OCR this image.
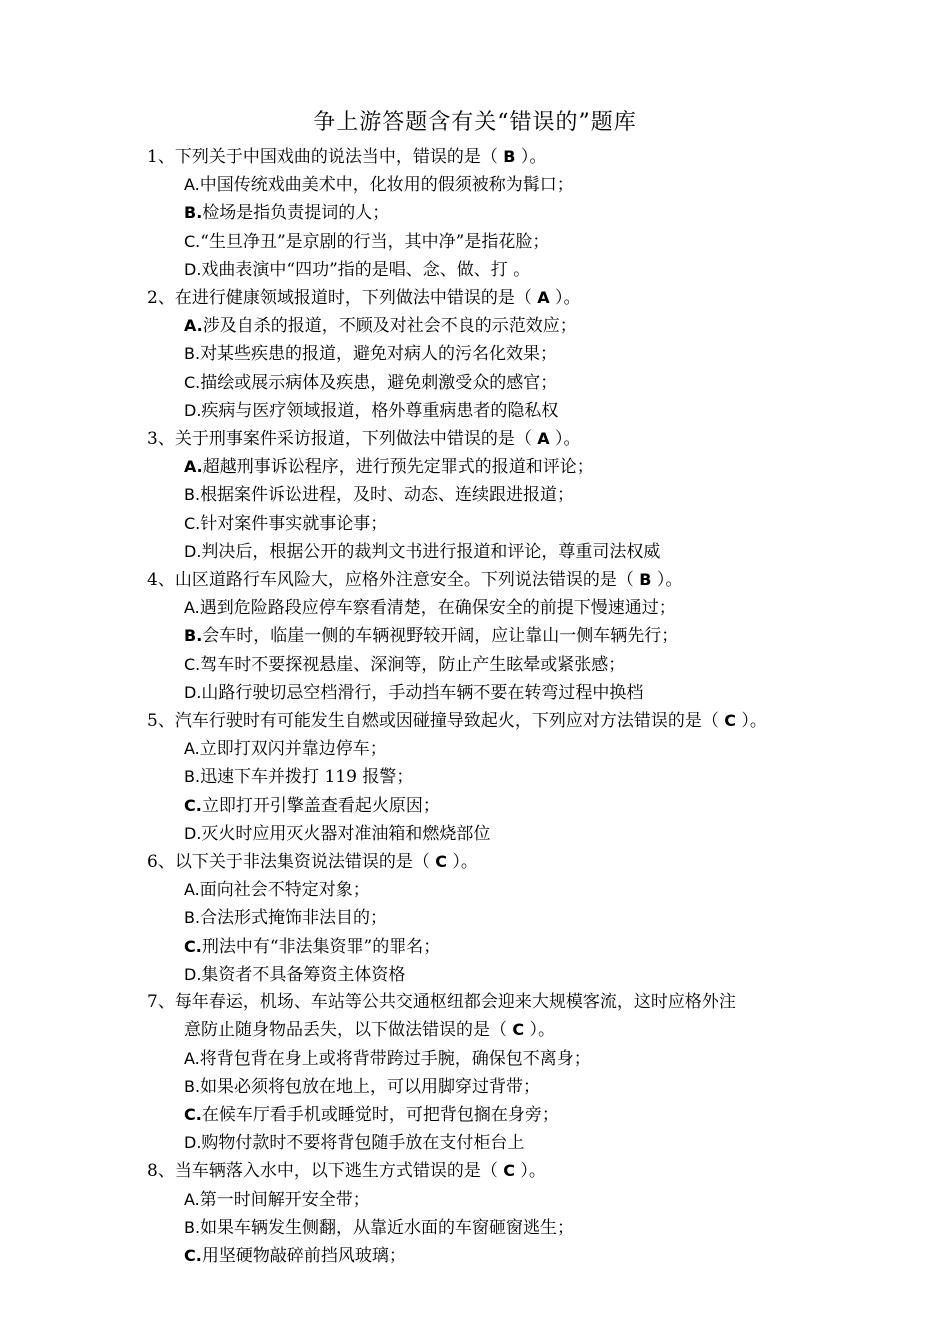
争上游答题含有关“错误的”题库
1、下列关于中国戏曲的说法当中，错误的是（ B ）。
A.中国传统戏曲美术中，化妆用的假须被称为髯口；
B.检场是指负责提词的人；
C.“生旦净丑”是京剧的行当，其中净”是指花脸；
D.戏曲表演中“四功”指的是唱、念、做、打 。
2、在进行健康领域报道时，下列做法中错误的是（ A ）。
A.涉及自杀的报道，不顾及对社会不良的示范效应；
B.对某些疾患的报道，避免对病人的污名化效果；
C.描绘或展示病体及疾患，避免刺激受众的感官；
D.疾病与医疗领域报道，格外尊重病患者的隐私权
3、关于刑事案件采访报道，下列做法中错误的是（ A ）。
A.超越刑事诉讼程序，进行预先定罪式的报道和评论；
B.根据案件诉讼进程，及时、动态、连续跟进报道；
C.针对案件事实就事论事；
D.判决后，根据公开的裁判文书进行报道和评论，尊重司法权威
4、山区道路行车风险大，应格外注意安全。下列说法错误的是（ B ）。
A.遇到危险路段应停车察看清楚，在确保安全的前提下慢速通过；
B.会车时，临崖一侧的车辆视野较开阔，应让靠山一侧车辆先行；
C.驾车时不要探视悬崖、深涧等，防止产生眩晕或紧张感；
D.山路行驶切忌空档滑行，手动挡车辆不要在转弯过程中换档
5、汽车行驶时有可能发生自燃或因碰撞导致起火，下列应对方法错误的是（ C ）。
A.立即打双闪并靠边停车；
B.迅速下车并拨打 119 报警；
C.立即打开引擎盖查看起火原因；
D.灭火时应用灭火器对准油箱和燃烧部位
6、以下关于非法集资说法错误的是（ C ）。
A.面向社会不特定对象；
B.合法形式掩饰非法目的；
C.刑法中有“非法集资罪”的罪名；
D.集资者不具备筹资主体资格
7、每年春运，机场、车站等公共交通枢纽都会迎来大规模客流，这时应格外注
意防止随身物品丢失，以下做法错误的是（ C ）。
A.将背包背在身上或将背带跨过手腕，确保包不离身；
B.如果必须将包放在地上，可以用脚穿过背带；
C.在候车厅看手机或睡觉时，可把背包搁在身旁；
D.购物付款时不要将背包随手放在支付柜台上
8、当车辆落入水中，以下逃生方式错误的是（ C ）。
A.第一时间解开安全带；
B.如果车辆发生侧翻，从靠近水面的车窗砸窗逃生；
C.用坚硬物敲碎前挡风玻璃；
